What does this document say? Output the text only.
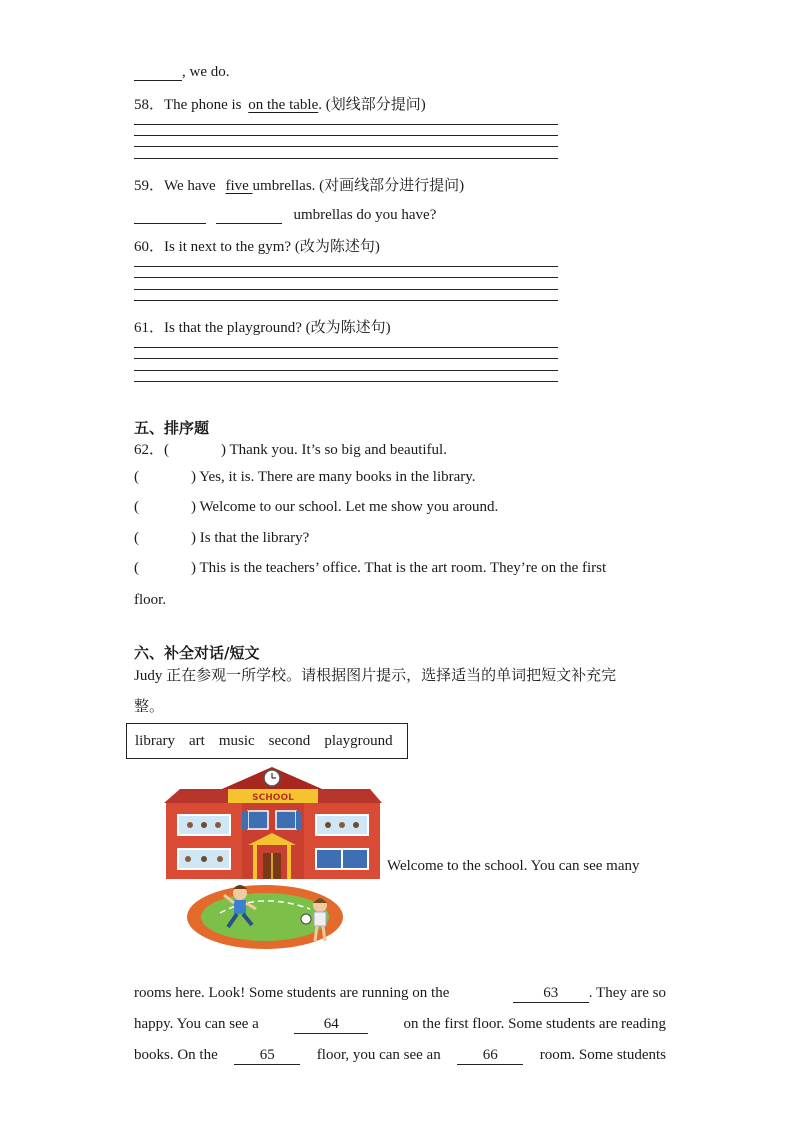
, we do.
58．The phone is on the table. (划线部分提问)
59．We have five umbrellas. (对画线部分进行提问)
umbrellas do you have?
60．Is it next to the gym? (改为陈述句)
61．Is that the playground? (改为陈述句)
五、排序题
62．(	) Thank you. It’s so big and beautiful.
(	) Yes, it is. There are many books in the library.
(	) Welcome to our school. Let me show you around.
(	) Is that the library?
(	) This is the teachers’ office. That is the art room. They’re on the first
floor.
六、补全对话/短文
Judy 正在参观一所学校。请根据图片提示，选择适当的单词把短文补充完
整。
library art music second playground
SCHOOL
Welcome to the school. You can see many
rooms here. Look! Some students are running on the	63 . They are so
happy. You can see a	64	on the first floor. Some students are reading
books. On the	65	floor, you can see an	66	room. Some students
